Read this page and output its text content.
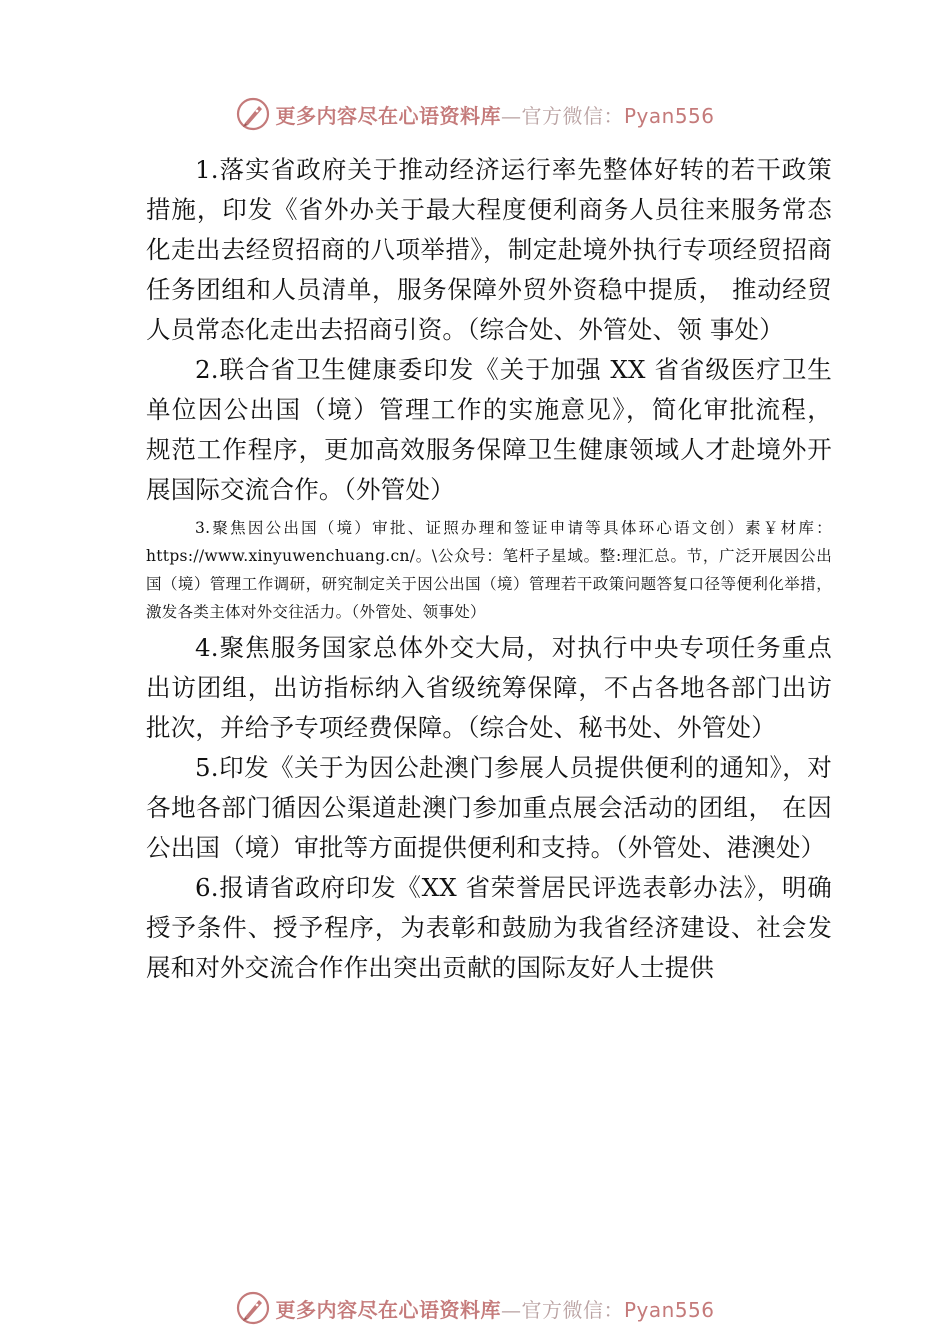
更多内容尽在心语资料库—官方微信：Pyan556

1.落实省政府关于推动经济运行率先整体好转的若干政策措施，印发《省外办关于最大程度便利商务人员往来服务常态化走出去经贸招商的八项举措》，制定赴境外执行专项经贸招商任务团组和人员清单，服务保障外贸外资稳中提质， 推动经贸人员常态化走出去招商引资。（综合处、外管处、领 事处）

2.联合省卫生健康委印发《关于加强 XX 省省级医疗卫生单位因公出国（境）管理工作的实施意见》，简化审批流程， 规范工作程序，更加高效服务保障卫生健康领域人才赴境外开展国际交流合作。（外管处）

3.聚焦因公出国（境）审批、证照办理和签证申请等具体环心语文创）素￥材库：https://www.xinyuwenchuang.cn/。\公众号：笔杆子星域。整:理汇总。节，广泛开展因公出国（境）管理工作调研，研究制定关于因公出国（境）管理若干政策问题答复口径等便利化举措， 激发各类主体对外交往活力。（外管处、领事处）

4.聚焦服务国家总体外交大局，对执行中央专项任务重点出访团组，出访指标纳入省级统筹保障，不占各地各部门出访批次，并给予专项经费保障。（综合处、秘书处、外管处）

5.印发《关于为因公赴澳门参展人员提供便利的通知》，对各地各部门循因公渠道赴澳门参加重点展会活动的团组， 在因公出国（境）审批等方面提供便利和支持。（外管处、港澳处）

6.报请省政府印发《XX 省荣誉居民评选表彰办法》，明确授予条件、授予程序，为表彰和鼓励为我省经济建设、社会发展和对外交流合作作出突出贡献的国际友好人士提供

更多内容尽在心语资料库—官方微信：Pyan556
